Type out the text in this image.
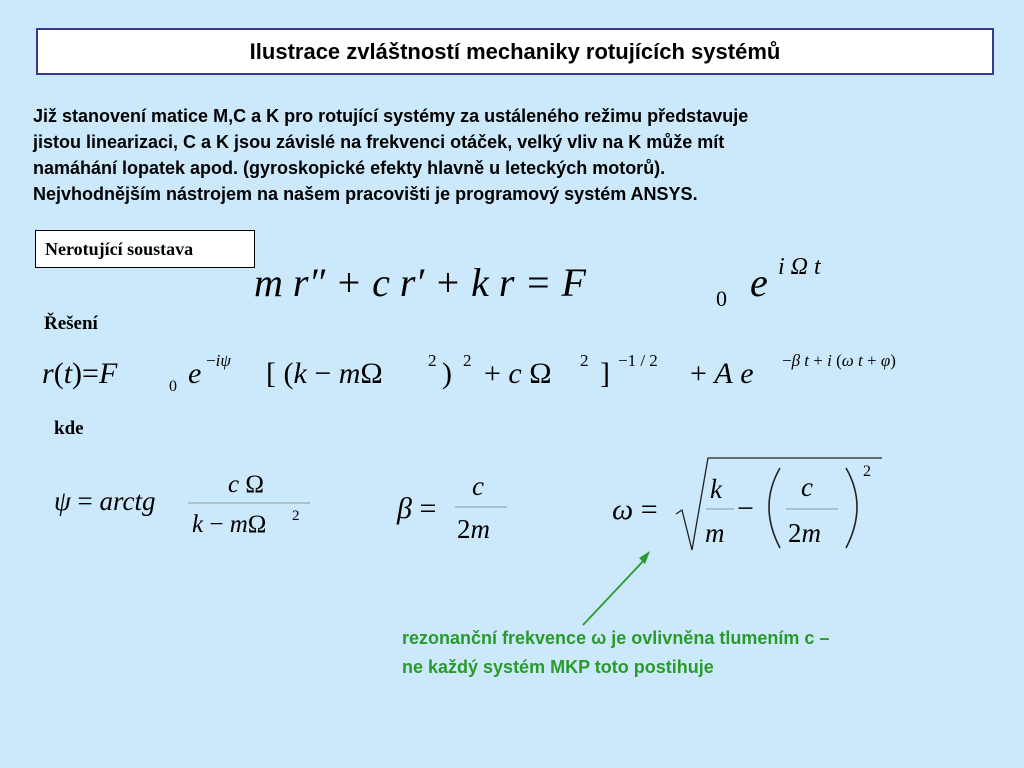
Ilustrace zvláštností mechaniky rotujících systémů
Již stanovení matice M,C a K pro rotující systémy za ustáleného režimu představuje
jistou linearizaci, C a K jsou závislé na frekvenci otáček, velký vliv na K může mít
namáhání lopatek apod. (gyroskopické efekty hlavně u leteckých motorů).
Nejvhodnějším nástrojem na našem pracovišti je programový systém ANSYS.
Nerotující soustava
m r″ + c r′ + k r = F	0 e i Ω t
Řešení
r(t)=F	0 e −iψ [ (k − mΩ	2 ) 2 + c Ω 2 ] −1 / 2 + A e −β t + i (ω t + φ)
kde
ψ = arctg
c Ω
k − mΩ 2	β =
c
2m
ω =
k
m
−
c
2m
2
rezonanční frekvence ω je ovlivněna tlumením c –
ne každý systém MKP toto postihuje
